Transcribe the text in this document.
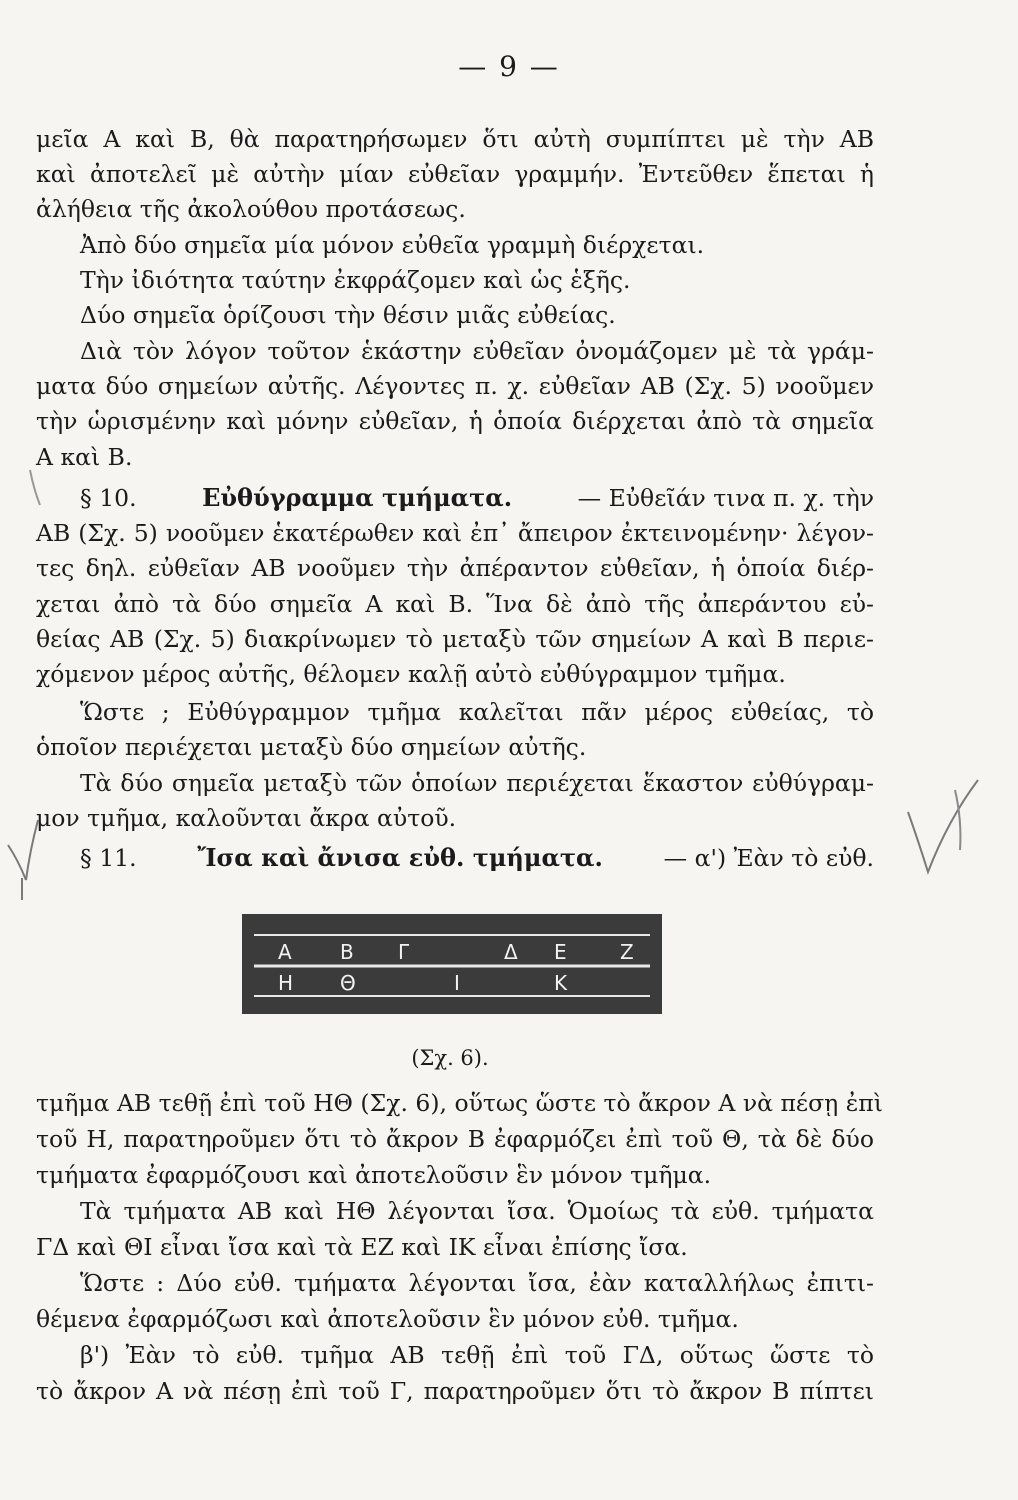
— 9 —
μεῖα Α καὶ Β, θὰ παρατηρήσωμεν ὅτι αὐτὴ συμπίπτει μὲ τὴν ΑΒ
καὶ ἀποτελεῖ μὲ αὐτὴν μίαν εὐθεῖαν γραμμήν. Ἐντεῦθεν ἕπεται ἡ
ἀλήθεια τῆς ἀκολούθου προτάσεως.
Ἀπὸ δύο σημεῖα μία μόνον εὐθεῖα γραμμὴ διέρχεται.
Τὴν ἰδιότητα ταύτην ἐκφράζομεν καὶ ὡς ἑξῆς.
Δύο σημεῖα ὁρίζουσι τὴν θέσιν μιᾶς εὐθείας.
Διὰ τὸν λόγον τοῦτον ἑκάστην εὐθεῖαν ὀνομάζομεν μὲ τὰ γράμ-
ματα δύο σημείων αὐτῆς. Λέγοντες π. χ. εὐθεῖαν ΑΒ (Σχ. 5) νοοῦμεν
τὴν ὡρισμένην καὶ μόνην εὐθεῖαν, ἡ ὁποία διέρχεται ἀπὸ τὰ σημεῖα
Α καὶ Β.
§ 10.	Εὐθύγραμμα τμήματα.	— Εὐθεῖάν τινα π. χ. τὴν
ΑΒ (Σχ. 5) νοοῦμεν ἑκατέρωθεν καὶ ἐπ᾽ ἄπειρον ἐκτεινομένην· λέγον-
τες δηλ. εὐθεῖαν ΑΒ νοοῦμεν τὴν ἀπέραντον εὐθεῖαν, ἡ ὁποία διέρ-
χεται ἀπὸ τὰ δύο σημεῖα Α καὶ Β. Ἵνα δὲ ἀπὸ τῆς ἀπεράντου εὐ-
θείας ΑΒ (Σχ. 5) διακρίνωμεν τὸ μεταξὺ τῶν σημείων Α καὶ Β περιε-
χόμενον μέρος αὐτῆς, θέλομεν καλῇ αὐτὸ εὐθύγραμμον τμῆμα.
Ὥστε ; Εὐθύγραμμον τμῆμα καλεῖται πᾶν μέρος εὐθείας, τὸ
ὁποῖον περιέχεται μεταξὺ δύο σημείων αὐτῆς.
Τὰ δύο σημεῖα μεταξὺ τῶν ὁποίων περιέχεται ἕκαστον εὐθύγραμ-
μον τμῆμα, καλοῦνται ἄκρα αὐτοῦ.
§ 11.	Ἴσα καὶ ἄνισα εὐθ. τμήματα.	— α') Ἐὰν τὸ εὐθ.
Α Β Γ	Δ Ε	Ζ
Η Θ	Ι	Κ
(Σχ. 6).
τμῆμα ΑΒ τεθῇ ἐπὶ τοῦ ΗΘ (Σχ. 6), οὕτως ὥστε τὸ ἄκρον Α νὰ πέσῃ ἐπὶ
τοῦ Η, παρατηροῦμεν ὅτι τὸ ἄκρον Β ἐφαρμόζει ἐπὶ τοῦ Θ, τὰ δὲ δύο
τμήματα ἐφαρμόζουσι καὶ ἀποτελοῦσιν ἓν μόνον τμῆμα.
Τὰ τμήματα ΑΒ καὶ ΗΘ λέγονται ἴσα. Ὁμοίως τὰ εὐθ. τμήματα
ΓΔ καὶ ΘΙ εἶναι ἴσα καὶ τὰ ΕΖ καὶ ΙΚ εἶναι ἐπίσης ἴσα.
Ὥστε : Δύο εὐθ. τμήματα λέγονται ἴσα, ἐὰν καταλλήλως ἐπιτι-
θέμενα ἐφαρμόζωσι καὶ ἀποτελοῦσιν ἓν μόνον εὐθ. τμῆμα.
β') Ἐὰν τὸ εὐθ. τμῆμα ΑΒ τεθῇ ἐπὶ τοῦ ΓΔ, οὕτως ὥστε τὸ
τὸ ἄκρον Α νὰ πέσῃ ἐπὶ τοῦ Γ, παρατηροῦμεν ὅτι τὸ ἄκρον Β πίπτει
